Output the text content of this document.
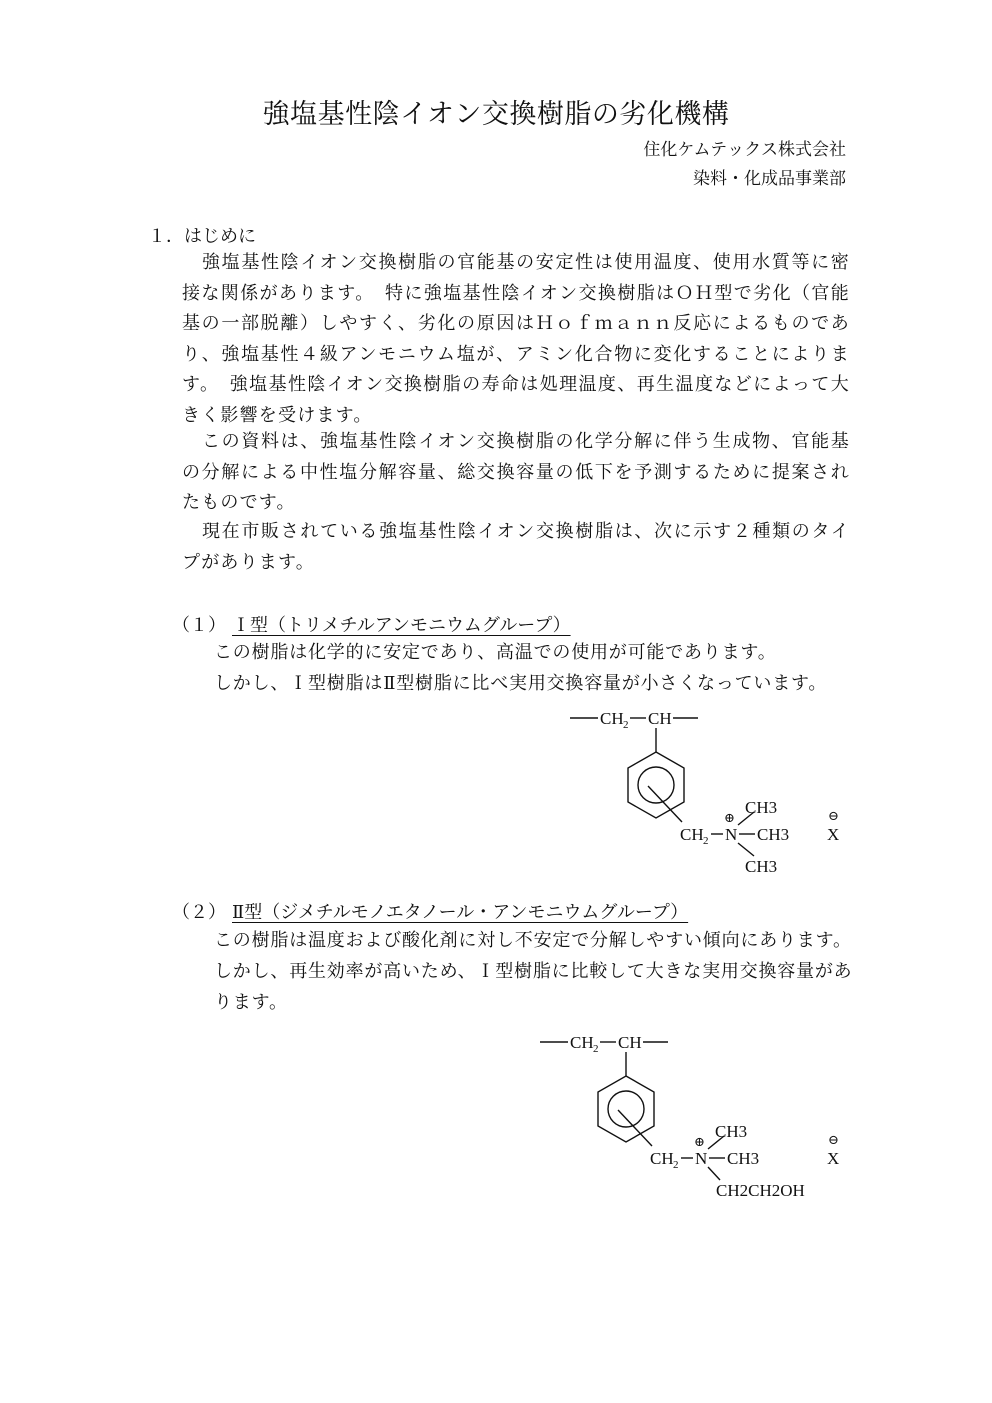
強塩基性陰イオン交換樹脂の劣化機構
住化ケムテックス株式会社
染料・化成品事業部
１．はじめに

強塩基性陰イオン交換樹脂の官能基の安定性は使用温度、使用水質等に密接な関係があります。　特に強塩基性陰イオン交換樹脂はＯＨ型で劣化（官能基の一部脱離）しやすく、劣化の原因はＨｏｆｍａｎｎ反応によるものであり、強塩基性４級アンモニウム塩が、アミン化合物に変化することによります。　強塩基性陰イオン交換樹脂の寿命は処理温度、再生温度などによって大きく影響を受けます。

この資料は、強塩基性陰イオン交換樹脂の化学分解に伴う生成物、官能基の分解による中性塩分解容量、総交換容量の低下を予測するために提案されたものです。

現在市販されている強塩基性陰イオン交換樹脂は、次に示す２種類のタイプがあります。

（１） Ｉ型（トリメチルアンモニウムグループ）
この樹脂は化学的に安定であり、高温での使用が可能であります。
しかし、Ｉ型樹脂はⅡ型樹脂に比べ実用交換容量が小さくなっています。
CH 2 CH
CH 2
⊕
N
CH3
CH3
CH3
⊖
X
（２） Ⅱ型（ジメチルモノエタノール・アンモニウムグループ）
この樹脂は温度および酸化剤に対し不安定で分解しやすい傾向にあります。しかし、再生効率が高いため、Ｉ型樹脂に比較して大きな実用交換容量があります。
CH 2 CH
CH 2
⊕
N
CH3
CH3
CH2CH2OH
⊖
X
